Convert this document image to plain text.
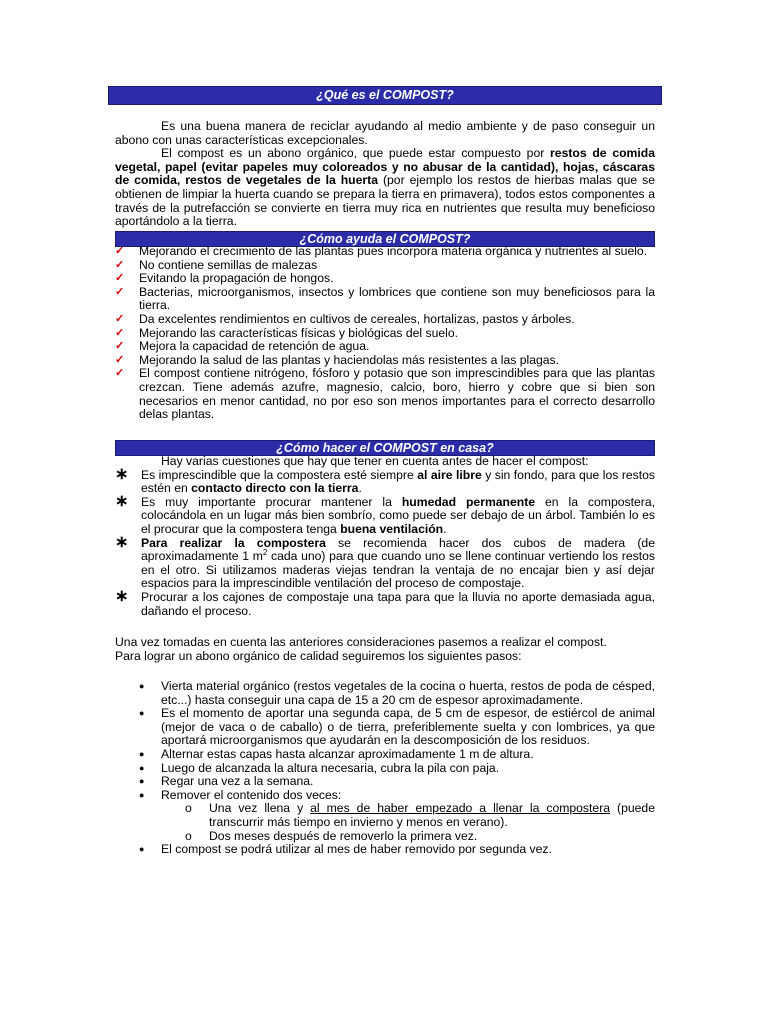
¿Qué es el COMPOST?

Es una buena manera de reciclar ayudando al medio ambiente y de paso conseguir un abono con unas características excepcionales.

El compost es un abono orgánico, que puede estar compuesto por restos de comida vegetal, papel (evitar papeles muy coloreados y no abusar de la cantidad), hojas, cáscaras de comida, restos de vegetales de la huerta (por ejemplo los restos de hierbas malas que se obtienen de limpiar la huerta cuando se prepara la tierra en primavera), todos estos componentes a través de la putrefacción se convierte en tierra muy rica en nutrientes que resulta muy beneficioso aportándolo a la tierra.

¿Cómo ayuda el COMPOST?
✓ Mejorando el crecimiento de las plantas pues incorpora materia orgánica y nutrientes al suelo.
✓ No contiene semillas de malezas
✓ Evitando la propagación de hongos.
✓ Bacterias, microorganismos, insectos y lombrices que contiene son muy beneficiosos para la tierra.
✓ Da excelentes rendimientos en cultivos de cereales, hortalizas, pastos y árboles.
✓ Mejorando las características físicas y biológicas del suelo.
✓ Mejora la capacidad de retención de agua.
✓ Mejorando la salud de las plantas y haciendolas más resistentes a las plagas.
✓ El compost contiene nitrógeno, fósforo y potasio que son imprescindibles para que las plantas crezcan. Tiene además azufre, magnesio, calcio, boro, hierro y cobre que si bien son necesarios en menor cantidad, no por eso son menos importantes para el correcto desarrollo delas plantas.
¿Cómo hacer el COMPOST en casa?

Hay varias cuestiones que hay que tener en cuenta antes de hacer el compost:

∗ Es imprescindible que la compostera esté siempre al aire libre y sin fondo, para que los restos estén en contacto directo con la tierra.
∗ Es muy importante procurar mantener la humedad permanente en la compostera, colocándola en un lugar más bien sombrío, como puede ser debajo de un árbol. También lo es el procurar que la compostera tenga buena ventilación.
∗ Para realizar la compostera se recomienda hacer dos cubos de madera (de aproximadamente 1 $m^2$ cada uno) para que cuando uno se llene continuar vertiendo los restos en el otro. Si utilizamos maderas viejas tendran la ventaja de no encajar bien y así dejar espacios para la imprescindible ventilación del proceso de compostaje.
∗ Procurar a los cajones de compostaje una tapa para que la lluvia no aporte demasiada agua, dañando el proceso.

Una vez tomadas en cuenta las anteriores consideraciones pasemos a realizar el compost.

Para lograr un abono orgánico de calidad seguiremos los siguientes pasos:

● Vierta material orgánico (restos vegetales de la cocina o huerta, restos de poda de césped, etc...) hasta conseguir una capa de 15 a 20 cm de espesor aproximadamente.
● Es el momento de aportar una segunda capa, de 5 cm de espesor, de estiércol de animal (mejor de vaca o de caballo) o de tierra, preferiblemente suelta y con lombrices, ya que aportará microorganismos que ayudarán en la descomposición de los residuos.
● Alternar estas capas hasta alcanzar aproximadamente 1 m de altura.
● Luego de alcanzada la altura necesaria, cubra la pila con paja.
● Regar una vez a la semana.
● Remover el contenido dos veces:
o Una vez llena y al mes de haber empezado a llenar la compostera (puede transcurrir más tiempo en invierno y menos en verano).
o Dos meses después de removerlo la primera vez.
● El compost se podrá utilizar al mes de haber removido por segunda vez.
